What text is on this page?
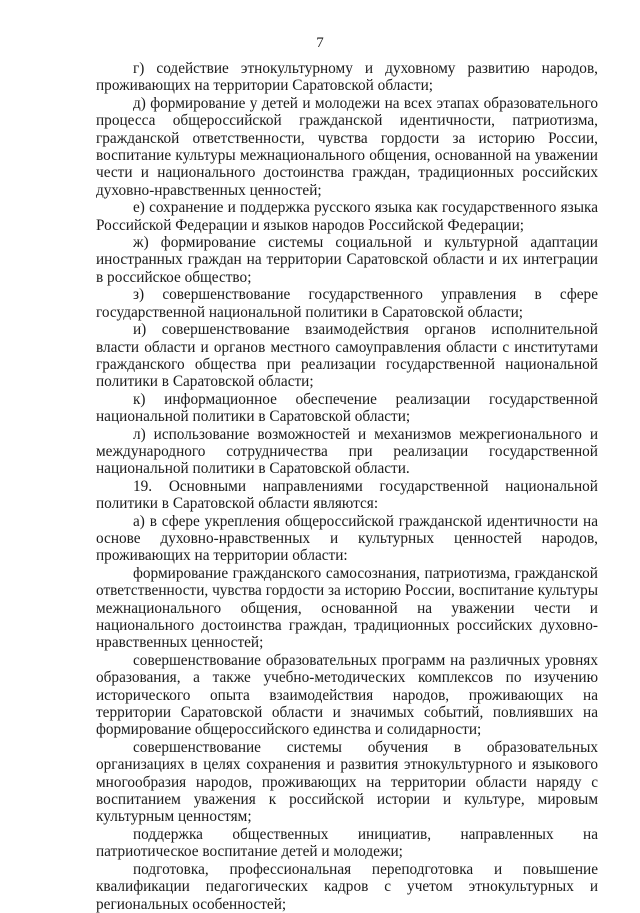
7

г) содействие этнокультурному и духовному развитию народов, проживающих на территории Саратовской области;

д) формирование у детей и молодежи на всех этапах образовательного процесса общероссийской гражданской идентичности, патриотизма, гражданской ответственности, чувства гордости за историю России, воспитание культуры межнационального общения, основанной на уважении чести и национального достоинства граждан, традиционных российских духовно-нравственных ценностей;

е) сохранение и поддержка русского языка как государственного языка Российской Федерации и языков народов Российской Федерации;

ж) формирование системы социальной и культурной адаптации иностранных граждан на территории Саратовской области и их интеграции в российское общество;

з) совершенствование государственного управления в сфере государственной национальной политики в Саратовской области;

и) совершенствование взаимодействия органов исполнительной власти области и органов местного самоуправления области с институтами гражданского общества при реализации государственной национальной политики в Саратовской области;

к) информационное обеспечение реализации государственной национальной политики в Саратовской области;

л) использование возможностей и механизмов межрегионального и международного сотрудничества при реализации государственной национальной политики в Саратовской области.

19. Основными направлениями государственной национальной политики в Саратовской области являются:

а) в сфере укрепления общероссийской гражданской идентичности на основе духовно-нравственных и культурных ценностей народов, проживающих на территории области:

формирование гражданского самосознания, патриотизма, гражданской ответственности, чувства гордости за историю России, воспитание культуры межнационального общения, основанной на уважении чести и национального достоинства граждан, традиционных российских духовно-нравственных ценностей;

совершенствование образовательных программ на различных уровнях образования, а также учебно-методических комплексов по изучению исторического опыта взаимодействия народов, проживающих на территории Саратовской области и значимых событий, повлиявших на формирование общероссийского единства и солидарности;

совершенствование системы обучения в образовательных организациях в целях сохранения и развития этнокультурного и языкового многообразия народов, проживающих на территории области наряду с воспитанием уважения к российской истории и культуре, мировым культурным ценностям;

поддержка общественных инициатив, направленных на патриотическое воспитание детей и молодежи;

подготовка, профессиональная переподготовка и повышение квалификации педагогических кадров с учетом этнокультурных и региональных особенностей;
